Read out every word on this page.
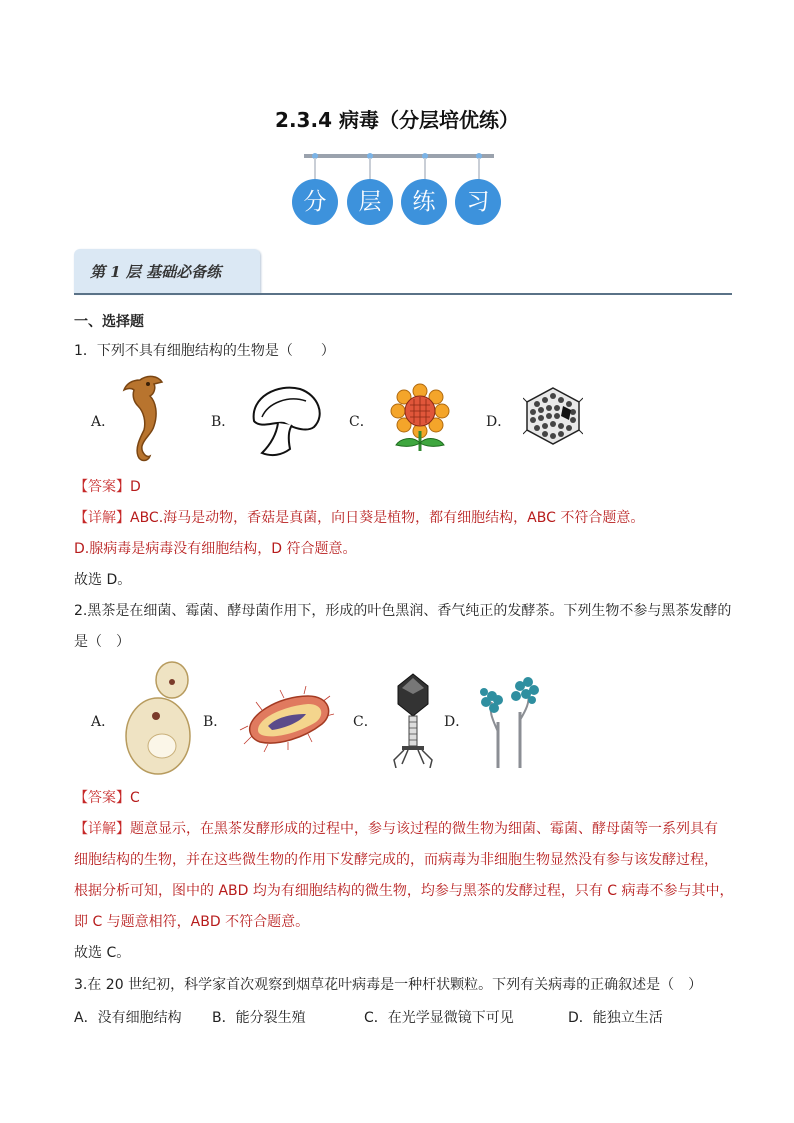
2.3.4 病毒（分层培优练）
分	层	练	习
第 1 层 基础必备练
一、选择题
1．下列不具有细胞结构的生物是（　　）
A．	B．	C．	D．
【答案】D
【详解】ABC.海马是动物，香菇是真菌，向日葵是植物，都有细胞结构，ABC 不符合题意。
D.腺病毒是病毒没有细胞结构，D 符合题意。
故选 D。
2.黑茶是在细菌、霉菌、酵母菌作用下，形成的叶色黑润、香气纯正的发酵茶。下列生物不参与黑茶发酵的
是（　）
A．	B．	C．	D．
【答案】C
【详解】题意显示，在黑茶发酵形成的过程中，参与该过程的微生物为细菌、霉菌、酵母菌等一系列具有
细胞结构的生物，并在这些微生物的作用下发酵完成的，而病毒为非细胞生物显然没有参与该发酵过程，
根据分析可知，图中的 ABD 均为有细胞结构的微生物，均参与黑茶的发酵过程，只有 C 病毒不参与其中，
即 C 与题意相符，ABD 不符合题意。
故选 C。
3.在 20 世纪初，科学家首次观察到烟草花叶病毒是一种杆状颗粒。下列有关病毒的正确叙述是（　）
A．没有细胞结构 B．能分裂生殖	C．在光学显微镜下可见	D．能独立生活
